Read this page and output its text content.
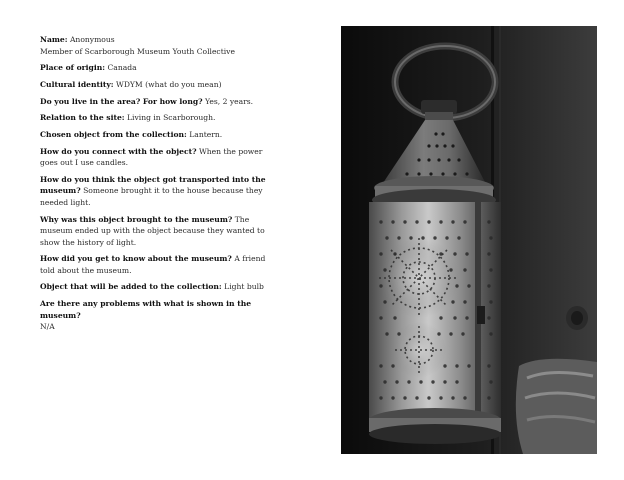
Name: Anonymous
Member of Scarborough Museum Youth Collective

Place of origin: Canada

Cultural identity: WDYM (what do you mean)

Do you live in the area? For how long? Yes, 2 years.

Relation to the site: Living in Scarborough.

Chosen object from the collection: Lantern.

How do you connect with the object? When the power goes out I use candles.

How do you think the object got transported into the museum? Someone brought it to the house because they needed light.

Why was this object brought to the museum? The museum ended up with the object because they wanted to show the history of light.

How did you get to know about the museum? A friend told about the museum.

Object that will be added to the collection: Light bulb

Are there any problems with what is shown in the museum?
N/A
